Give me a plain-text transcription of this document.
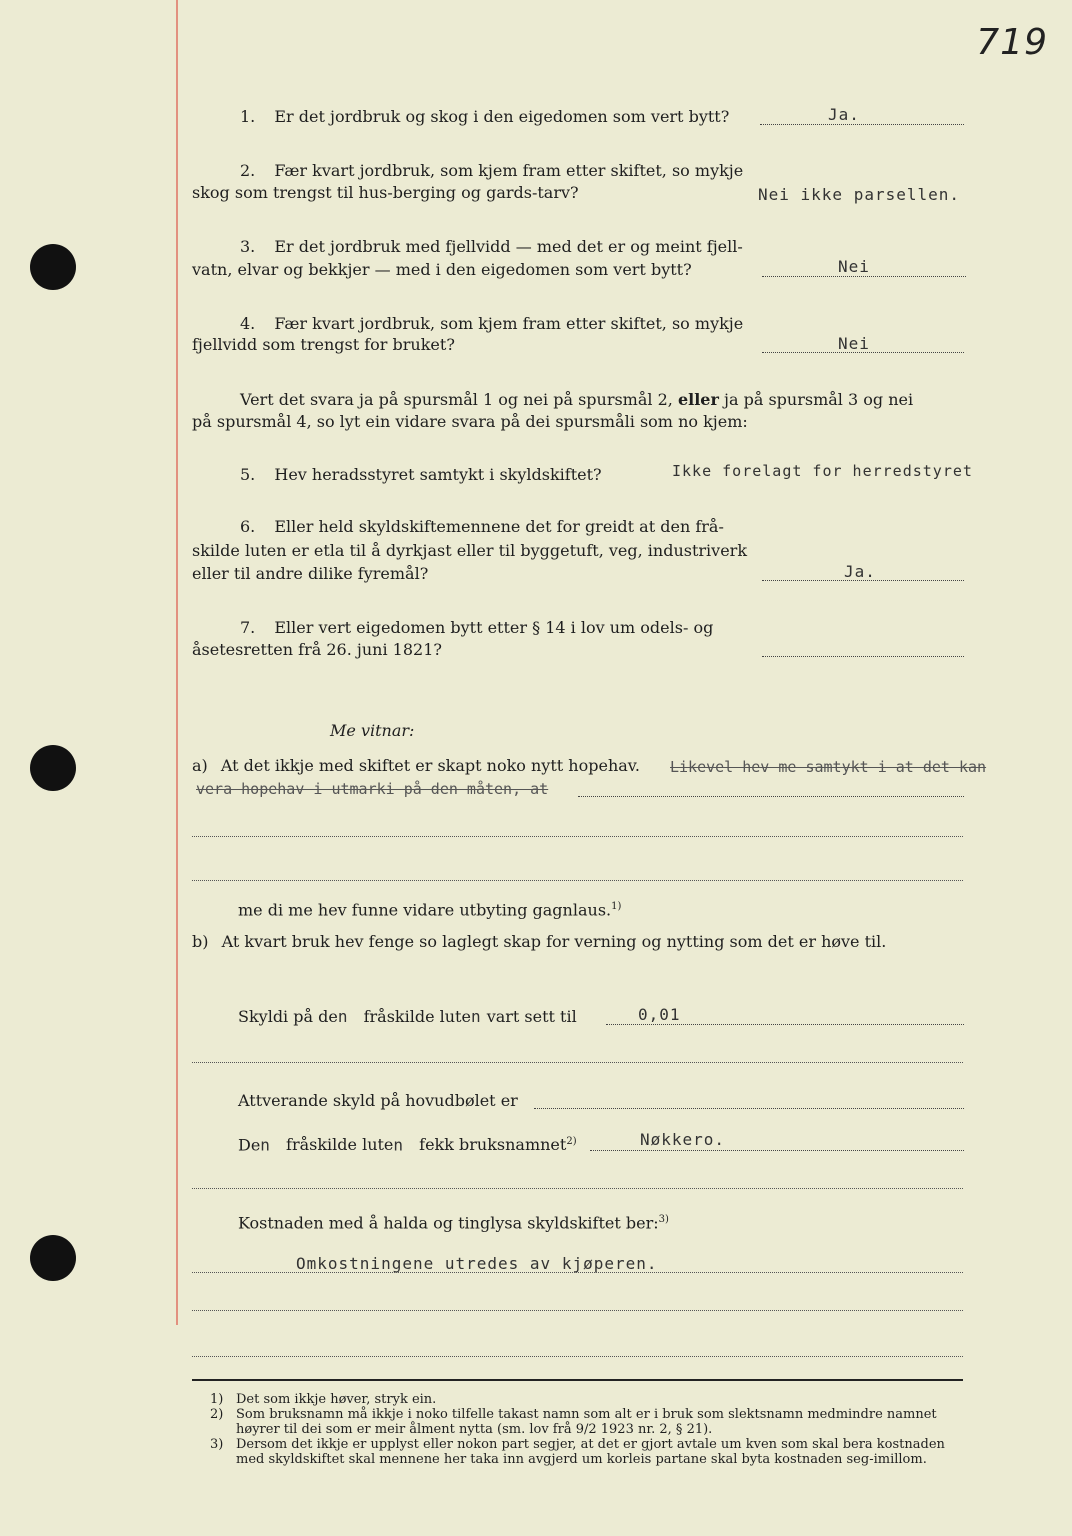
719
1. Er det jordbruk og skog i den eigedomen som vert bytt?	Ja.
2. Fær kvart jordbruk, som kjem fram etter skiftet, so mykje
skog som trengst til hus-berging og gards-tarv?	Nei ikke parsellen.
3. Er det jordbruk med fjellvidd — med det er og meint fjell-
vatn, elvar og bekkjer — med i den eigedomen som vert bytt?	Nei
4. Fær kvart jordbruk, som kjem fram etter skiftet, so mykje
fjellvidd som trengst for bruket?	Nei
Vert det svara ja på spursmål 1 og nei på spursmål 2, eller ja på spursmål 3 og nei
på spursmål 4, so lyt ein vidare svara på dei spursmåli som no kjem:
5. Hev heradsstyret samtykt i skyldskiftet?	Ikke forelagt for herredstyret
6. Eller held skyldskiftemennene det for greidt at den frå-
skilde luten er etla til å dyrkjast eller til byggetuft, veg, industriverk
eller til andre dilike fyremål?	Ja.
7. Eller vert eigedomen bytt etter § 14 i lov um odels- og
åsetesretten frå 26. juni 1821?
Me vitnar:
a) At det ikkje med skiftet er skapt noko nytt hopehav. Likevel hev me samtykt i at det kan
vera hopehav i utmarki på den måten, at
me di me hev funne vidare utbyting gagnlaus.$^{1)}$
b) At kvart bruk hev fenge so laglegt skap for verning og nytting som det er høve til.
Skyldi på den fråskilde luten vart sett til	0,01
Attverande skyld på hovudbølet er
Den fråskilde luten fekk bruksnamnet$^{2)}$	Nøkkero.
Kostnaden med å halda og tinglysa skyldskiftet ber:$^{3)}$
Omkostningene utredes av kjøperen.
1) Det som ikkje høver, stryk ein.
2) Som bruksnamn må ikkje i noko tilfelle takast namn som alt er i bruk som slektsnamn medmindre namnet høyrer til dei som er meir ålment nytta (sm. lov frå 9/2 1923 nr. 2, § 21).
3) Dersom det ikkje er upplyst eller nokon part segjer, at det er gjort avtale um kven som skal bera kostnaden med skyldskiftet skal mennene her taka inn avgjerd um korleis partane skal byta kostnaden seg-imillom.
